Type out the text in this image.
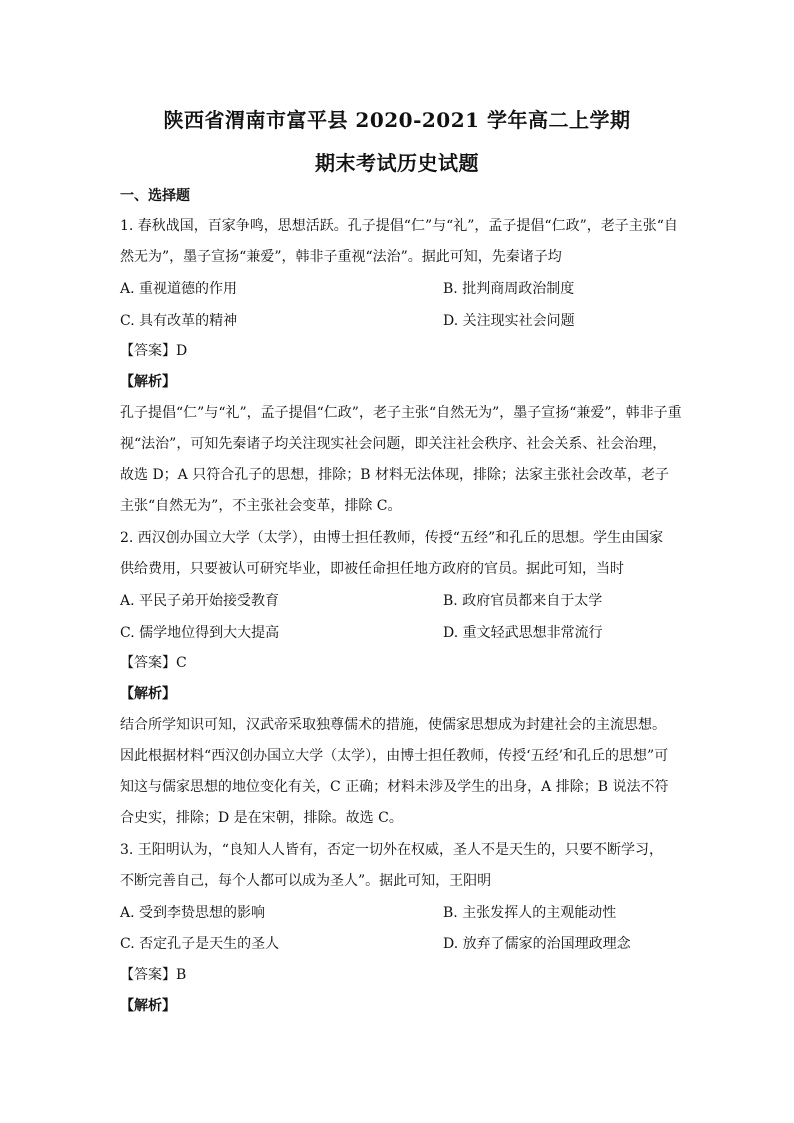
陕西省渭南市富平县 2020-2021 学年高二上学期
期末考试历史试题
一、选择题
1. 春秋战国，百家争鸣，思想活跃。孔子提倡“仁”与“礼”，孟子提倡“仁政”，老子主张“自
然无为”，墨子宣扬“兼爱”，韩非子重视“法治”。据此可知，先秦诸子均
A. 重视道德的作用	B. 批判商周政治制度
C. 具有改革的精神	D. 关注现实社会问题
【答案】D
【解析】
孔子提倡“仁”与“礼”，孟子提倡“仁政”，老子主张“自然无为”，墨子宣扬“兼爱”，韩非子重
视“法治”，可知先秦诸子均关注现实社会问题，即关注社会秩序、社会关系、社会治理，
故选 D；A 只符合孔子的思想，排除；B 材料无法体现，排除；法家主张社会改革，老子
主张“自然无为”，不主张社会变革，排除 C。
2. 西汉创办国立大学（太学），由博士担任教师，传授“五经”和孔丘的思想。学生由国家
供给费用，只要被认可研究毕业，即被任命担任地方政府的官员。据此可知，当时
A. 平民子弟开始接受教育	B. 政府官员都来自于太学
C. 儒学地位得到大大提高	D. 重文轻武思想非常流行
【答案】C
【解析】
结合所学知识可知，汉武帝采取独尊儒术的措施，使儒家思想成为封建社会的主流思想。
因此根据材料“西汉创办国立大学（太学），由博士担任教师，传授‘五经’和孔丘的思想”可
知这与儒家思想的地位变化有关，C 正确；材料未涉及学生的出身，A 排除；B 说法不符
合史实，排除；D 是在宋朝，排除。故选 C。
3. 王阳明认为，“良知人人皆有，否定一切外在权威，圣人不是天生的，只要不断学习，
不断完善自己，每个人都可以成为圣人”。据此可知，王阳明
A. 受到李贽思想的影响	B. 主张发挥人的主观能动性
C. 否定孔子是天生的圣人	D. 放弃了儒家的治国理政理念
【答案】B
【解析】
